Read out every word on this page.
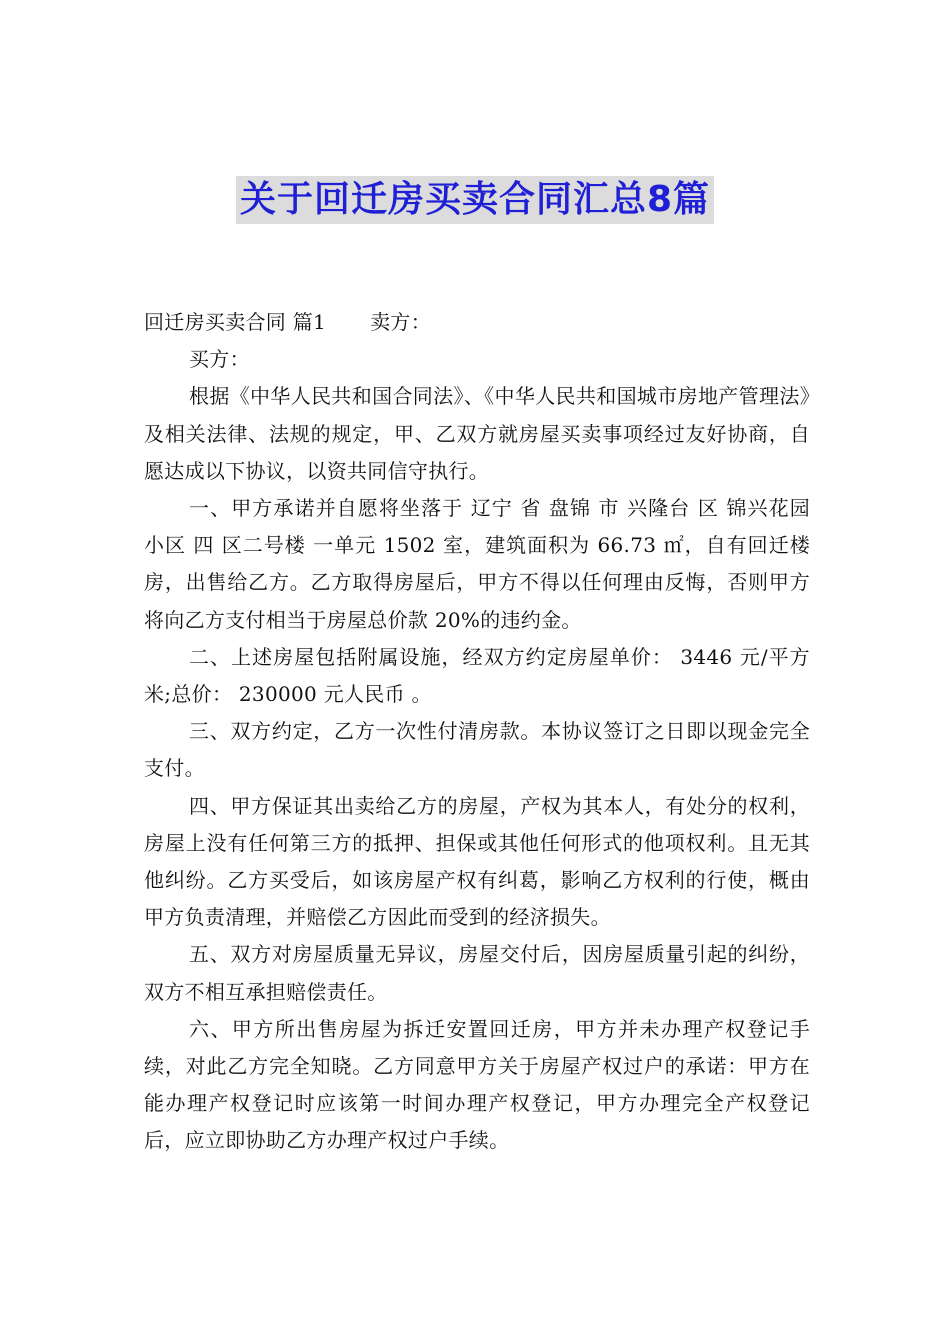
关于回迁房买卖合同汇总8篇

回迁房买卖合同 篇1 卖方：

买方：

根据《中华人民共和国合同法》、《中华人民共和国城市房地产管理法》及相关法律、法规的规定，甲、乙双方就房屋买卖事项经过友好协商，自愿达成以下协议，以资共同信守执行。

一、甲方承诺并自愿将坐落于 辽宁 省 盘锦 市 兴隆台 区 锦兴花园 小区 四 区二号楼 一单元 1502 室，建筑面积为 66.73 ㎡，自有回迁楼房，出售给乙方。乙方取得房屋后，甲方不得以任何理由反悔，否则甲方将向乙方支付相当于房屋总价款 20%的违约金。

二、上述房屋包括附属设施，经双方约定房屋单价： 3446 元/平方米;总价： 230000 元人民币 。

三、双方约定，乙方一次性付清房款。本协议签订之日即以现金完全支付。

四、甲方保证其出卖给乙方的房屋，产权为其本人，有处分的权利，房屋上没有任何第三方的抵押、担保或其他任何形式的他项权利。且无其他纠纷。乙方买受后，如该房屋产权有纠葛，影响乙方权利的行使，概由甲方负责清理，并赔偿乙方因此而受到的经济损失。

五、双方对房屋质量无异议，房屋交付后，因房屋质量引起的纠纷，双方不相互承担赔偿责任。

六、甲方所出售房屋为拆迁安置回迁房，甲方并未办理产权登记手续，对此乙方完全知晓。乙方同意甲方关于房屋产权过户的承诺：甲方在能办理产权登记时应该第一时间办理产权登记，甲方办理完全产权登记后，应立即协助乙方办理产权过户手续。
